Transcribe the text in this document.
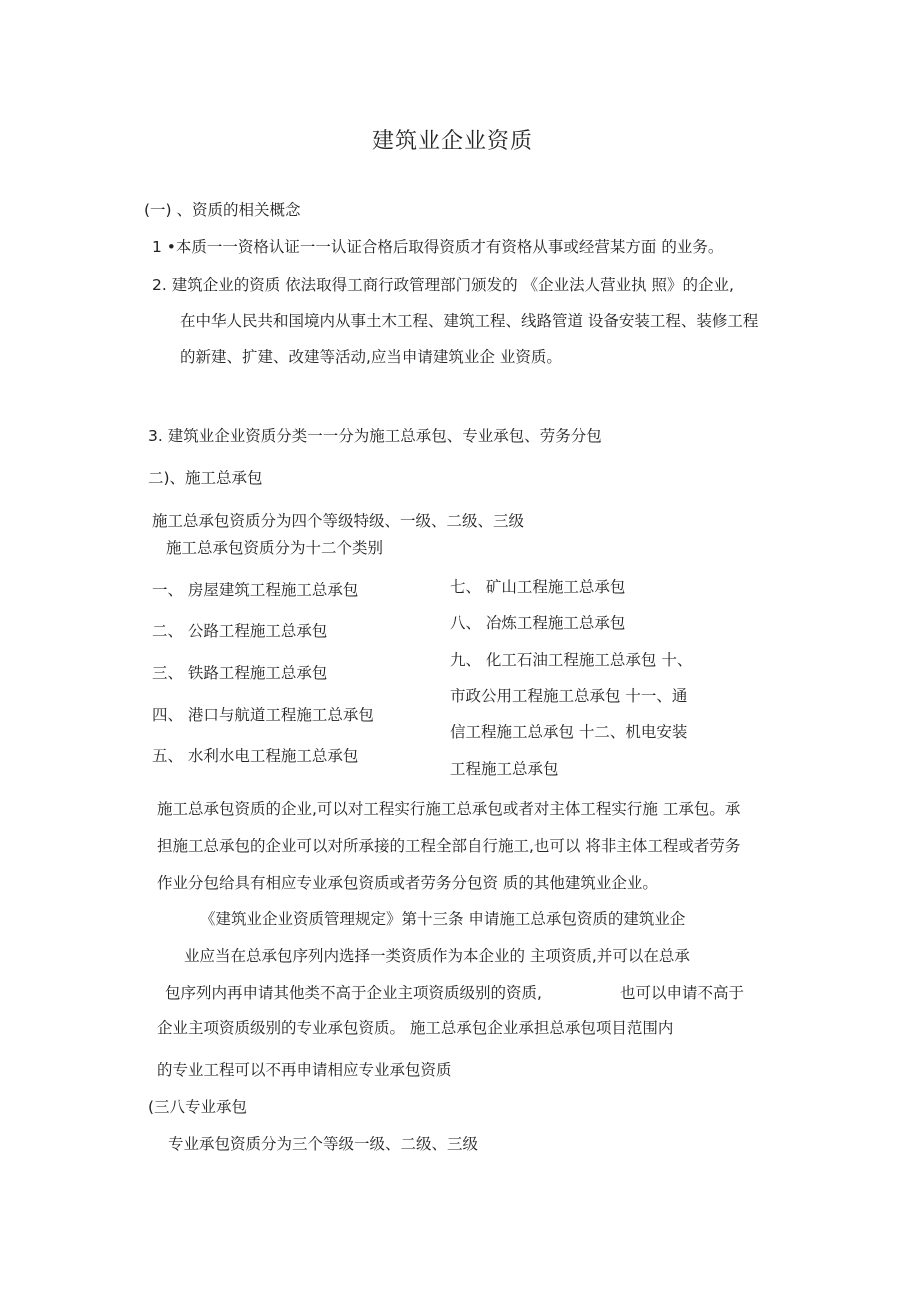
建筑业企业资质
(一) 、资质的相关概念
1 •本质一一资格认证一一认证合格后取得资质才有资格从事或经营某方面 的业务。
2. 建筑企业的资质 依法取得工商行政管理部门颁发的 《企业法人营业执 照》的企业,
在中华人民共和国境内从事土木工程、建筑工程、线路管道 设备安装工程、装修工程
的新建、扩建、改建等活动,应当申请建筑业企 业资质。
3. 建筑业企业资质分类一一分为施工总承包、专业承包、劳务分包
二)、施工总承包
施工总承包资质分为四个等级特级、一级、二级、三级
施工总承包资质分为十二个类别
一、 房屋建筑工程施工总承包
二、 公路工程施工总承包
三、 铁路工程施工总承包
四、 港口与航道工程施工总承包
五、 水利水电工程施工总承包
七、 矿山工程施工总承包
八、 冶炼工程施工总承包
九、 化工石油工程施工总承包 十、
市政公用工程施工总承包 十一、通
信工程施工总承包 十二、机电安装
工程施工总承包
施工总承包资质的企业,可以对工程实行施工总承包或者对主体工程实行施 工承包。承
担施工总承包的企业可以对所承接的工程全部自行施工,也可以 将非主体工程或者劳务
作业分包给具有相应专业承包资质或者劳务分包资 质的其他建筑业企业。
《建筑业企业资质管理规定》第十三条 申请施工总承包资质的建筑业企
业应当在总承包序列内选择一类资质作为本企业的 主项资质,并可以在总承
包序列内再申请其他类不高于企业主项资质级别的资质,	也可以申请不高于
企业主项资质级别的专业承包资质。 施工总承包企业承担总承包项目范围内
的专业工程可以不再申请相应专业承包资质
(三八专业承包
专业承包资质分为三个等级一级、二级、三级
